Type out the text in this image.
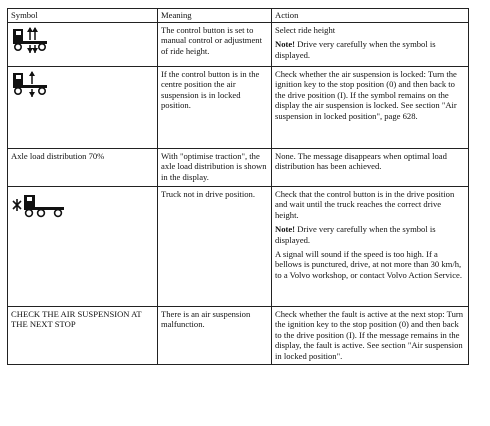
Symbol	Meaning	Action

	The control button is set to manual control or adjustment of ride height.	Select ride height

Note! Drive very carefully when the symbol is displayed.

	If the control button is in the centre position the air suspension is in locked position.	Check whether the air suspension is locked: Turn the ignition key to the stop position (0) and then back to the drive position (I). If the symbol remains on the display the air suspension is locked. See section "Air suspension in locked position", page 628.

Axle load distribution 70%	With "optimise traction", the axle load distribution is shown in the display.	None. The message disappears when optimal load distribution has been achieved.

	Truck not in drive position.	Check that the control button is in the drive position and wait until the truck reaches the correct drive height.

Note! Drive very carefully when the symbol is displayed.

A signal will sound if the speed is too high. If a bellows is punctured, drive, at not more than 30 km/h, to a Volvo workshop, or contact Volvo Action Service.

CHECK THE AIR SUSPENSION AT THE NEXT STOP	There is an air suspension malfunction.	Check whether the fault is active at the next stop: Turn the ignition key to the stop position (0) and then back to the drive position (I). If the message remains in the display, the fault is active. See section "Air suspension in locked position".
